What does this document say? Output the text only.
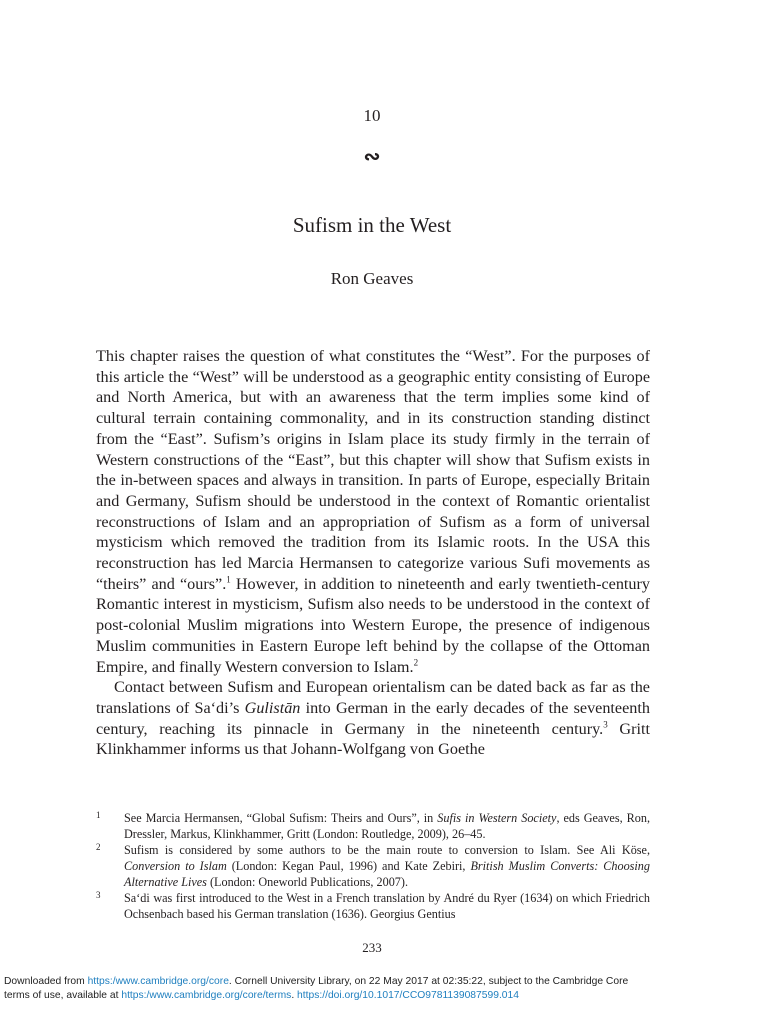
10
∾
Sufism in the West
Ron Geaves

This chapter raises the question of what constitutes the “West”. For the purposes of this article the “West” will be understood as a geographic entity consisting of Europe and North America, but with an awareness that the term implies some kind of cultural terrain containing commonality, and in its construction standing distinct from the “East”. Sufism’s origins in Islam place its study firmly in the terrain of Western constructions of the “East”, but this chapter will show that Sufism exists in the in-between spaces and always in transition. In parts of Europe, especially Britain and Germany, Sufism should be understood in the context of Romantic orientalist reconstructions of Islam and an appropriation of Sufism as a form of universal mysticism which removed the tradition from its Islamic roots. In the USA this reconstruction has led Marcia Hermansen to categorize various Sufi movements as “theirs” and “ours”.$^1$ However, in addition to nineteenth and early twentieth-century Romantic interest in mysticism, Sufism also needs to be understood in the context of post-colonial Muslim migrations into Western Europe, the presence of indigenous Muslim communities in Eastern Europe left behind by the collapse of the Ottoman Empire, and finally Western conversion to Islam.$^2$

Contact between Sufism and European orientalism can be dated back as far as the translations of Sa‘di’s Gulistān into German in the early decades of the seventeenth century, reaching its pinnacle in Germany in the nineteenth century.$^3$ Gritt Klinkhammer informs us that Johann-Wolfgang von Goethe

1 See Marcia Hermansen, “Global Sufism: Theirs and Ours”, in Sufis in Western Society, eds Geaves, Ron, Dressler, Markus, Klinkhammer, Gritt (London: Routledge, 2009), 26–45.
2 Sufism is considered by some authors to be the main route to conversion to Islam. See Ali Köse, Conversion to Islam (London: Kegan Paul, 1996) and Kate Zebiri, British Muslim Converts: Choosing Alternative Lives (London: Oneworld Publications, 2007).
3 Sa‘di was first introduced to the West in a French translation by André du Ryer (1634) on which Friedrich Ochsenbach based his German translation (1636). Georgius Gentius
233
Downloaded from https:/www.cambridge.org/core. Cornell University Library, on 22 May 2017 at 02:35:22, subject to the Cambridge Core
terms of use, available at https:/www.cambridge.org/core/terms. https://doi.org/10.1017/CCO9781139087599.014
